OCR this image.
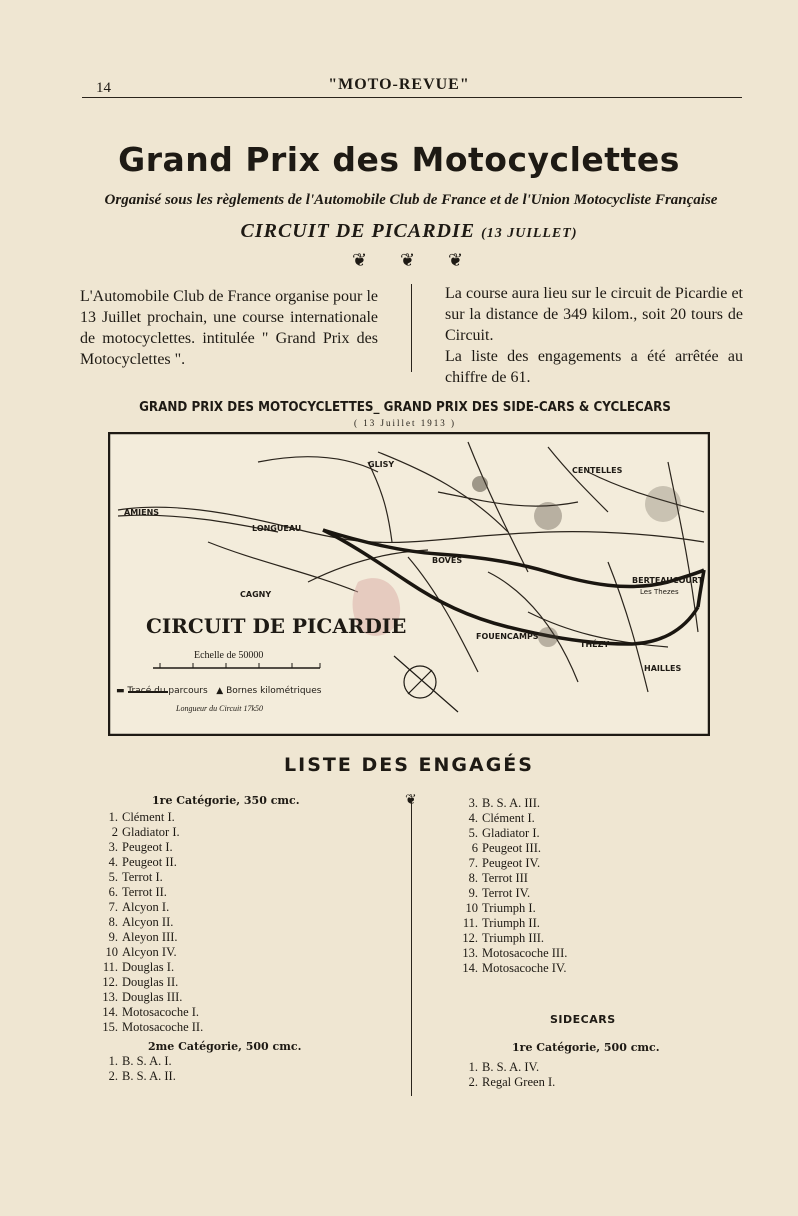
14	"MOTO-REVUE"
Grand Prix des Motocyclettes
Organisé sous les règlements de l'Automobile Club de France et de l'Union Motocycliste Française
CIRCUIT DE PICARDIE (13 JUILLET)
❦ ❦ ❦
L'Automobile Club de France organise pour le 13 Juillet prochain, une course internationale de motocyclettes. intitulée " Grand Prix des Motocyclettes ".

La course aura lieu sur le circuit de Picardie et sur la distance de 349 kilom., soit 20 tours de Circuit.

La liste des engagements a été arrêtée au chiffre de 61.

GRAND PRIX DES MOTOCYCLETTES_ GRAND PRIX DES SIDE-CARS & CYCLECARS
( 13 Juillet 1913 )
AMIENS
LONGUEAU
GLISY
CENTELLES
CAGNY
FOUENCAMPS
THÉZY
BERTEAUCOURT
HAILLES
BOVES
Les Thezes
CIRCUIT DE PICARDIE
Echelle de 50000
▬ Tracé du parcours ▲ Bornes kilométriques
Longueur du Circuit 17k50
LISTE DES ENGAGÉS
1re Catégorie, 350 cmc.
1. Clément I.
2 Gladiator I.
3. Peugeot I.
4. Peugeot II.
5. Terrot I.
6. Terrot II.
7. Alcyon I.
8. Alcyon II.
9. Aleyon III.
10 Alcyon IV.
11. Douglas I.
12. Douglas II.
13. Douglas III.
14. Motosacoche I.
15. Motosacoche II.
2me Catégorie, 500 cmc.
1. B. S. A. I.
2. B. S. A. II.
❦	3. B. S. A. III.
4. Clément I.
5. Gladiator I.
6 Peugeot III.
7. Peugeot IV.
8. Terrot III
9. Terrot IV.
10 Triumph I.
11. Triumph II.
12. Triumph III.
13. Motosacoche III.
14. Motosacoche IV.
SIDECARS
1re Catégorie, 500 cmc.
1. B. S. A. IV.
2. Regal Green I.
